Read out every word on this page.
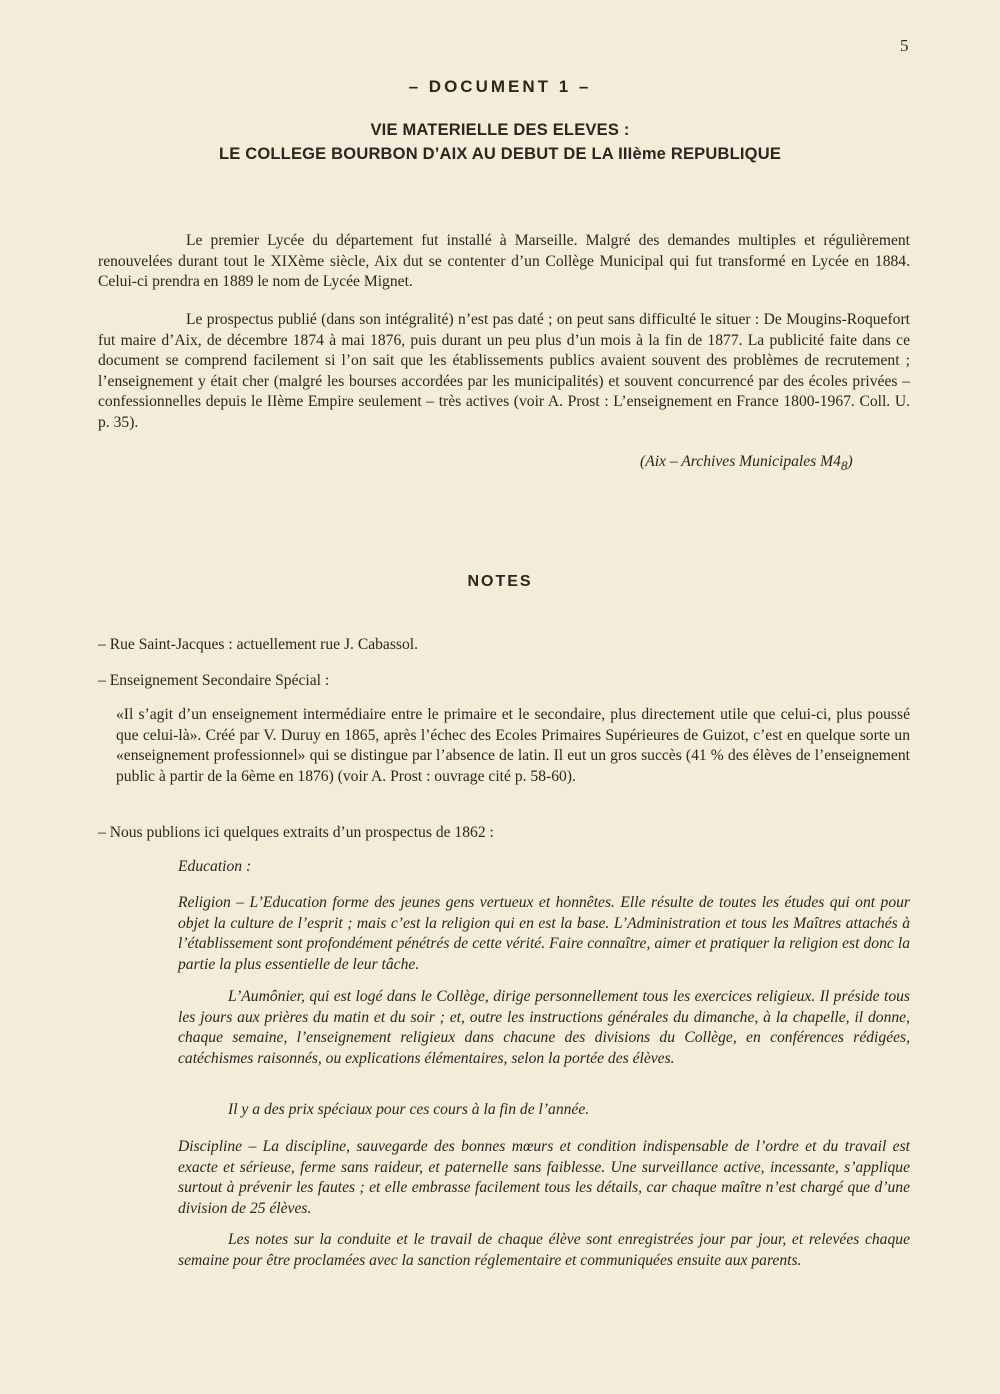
5
– DOCUMENT 1 –
VIE MATERIELLE DES ELEVES :
LE COLLEGE BOURBON D’AIX AU DEBUT DE LA IIIème REPUBLIQUE

Le premier Lycée du département fut installé à Marseille. Malgré des demandes multiples et régulièrement renouvelées durant tout le XIXème siècle, Aix dut se contenter d’un Collège Municipal qui fut transformé en Lycée en 1884. Celui-ci prendra en 1889 le nom de Lycée Mignet.

Le prospectus publié (dans son intégralité) n’est pas daté ; on peut sans difficulté le situer : De Mougins-Roquefort fut maire d’Aix, de décembre 1874 à mai 1876, puis durant un peu plus d’un mois à la fin de 1877. La publicité faite dans ce document se comprend facilement si l’on sait que les établissements publics avaient souvent des problèmes de recrutement ; l’enseignement y était cher (malgré les bourses accordées par les municipalités) et souvent concurrencé par des écoles privées – confessionnelles depuis le IIème Empire seulement – très actives (voir A. Prost : L’enseignement en France 1800-1967. Coll. U. p. 35).

(Aix – Archives Municipales $M4_8$)
NOTES
– Rue Saint-Jacques : actuellement rue J. Cabassol.
– Enseignement Secondaire Spécial :

«Il s’agit d’un enseignement intermédiaire entre le primaire et le secondaire, plus directement utile que celui-ci, plus poussé que celui-là». Créé par V. Duruy en 1865, après l’échec des Ecoles Primaires Supérieures de Guizot, c’est en quelque sorte un «enseignement professionnel» qui se distingue par l’absence de latin. Il eut un gros succès (41 % des élèves de l’enseignement public à partir de la 6ème en 1876) (voir A. Prost : ouvrage cité p. 58-60).

– Nous publions ici quelques extraits d’un prospectus de 1862 :
Education :

Religion – L’Education forme des jeunes gens vertueux et honnêtes. Elle résulte de toutes les études qui ont pour objet la culture de l’esprit ; mais c’est la religion qui en est la base. L’Administration et tous les Maîtres attachés à l’établissement sont profondément pénétrés de cette vérité. Faire connaître, aimer et pratiquer la religion est donc la partie la plus essentielle de leur tâche.

L’Aumônier, qui est logé dans le Collège, dirige personnellement tous les exercices religieux. Il préside tous les jours aux prières du matin et du soir ; et, outre les instructions générales du dimanche, à la chapelle, il donne, chaque semaine, l’enseignement religieux dans chacune des divisions du Collège, en conférences rédigées, catéchismes raisonnés, ou explications élémentaires, selon la portée des élèves.

Il y a des prix spéciaux pour ces cours à la fin de l’année.

Discipline – La discipline, sauvegarde des bonnes mœurs et condition indispensable de l’ordre et du travail est exacte et sérieuse, ferme sans raideur, et paternelle sans faiblesse. Une surveillance active, incessante, s’applique surtout à prévenir les fautes ; et elle embrasse facilement tous les détails, car chaque maître n’est chargé que d’une division de 25 élèves.

Les notes sur la conduite et le travail de chaque élève sont enregistrées jour par jour, et relevées chaque semaine pour être proclamées avec la sanction réglementaire et communiquées ensuite aux parents.
